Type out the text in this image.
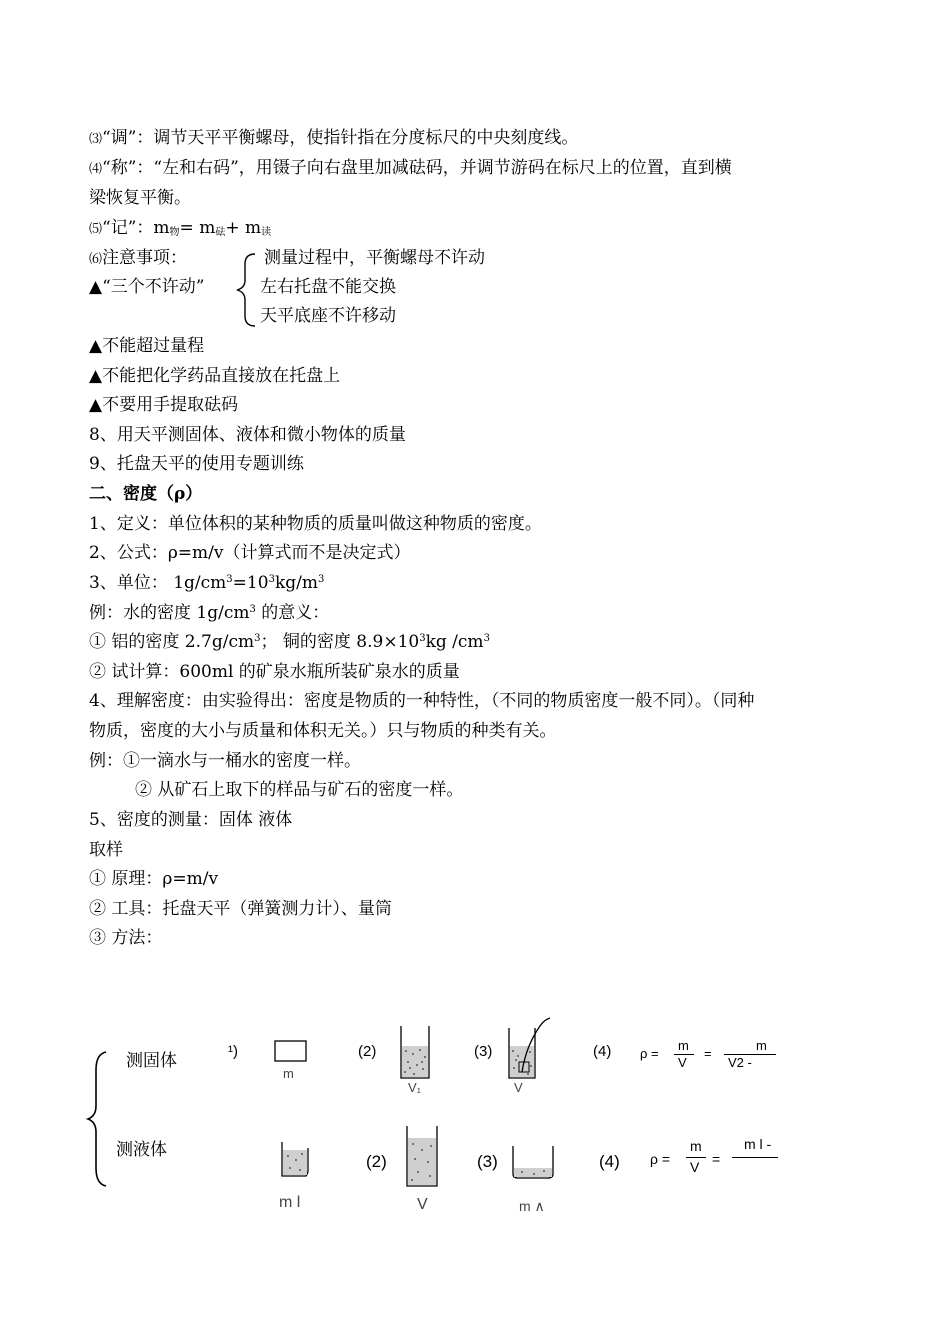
⑶“调”：调节天平平衡螺母，使指针指在分度标尺的中央刻度线。
⑷“称”：“左和右码”，用镊子向右盘里加减砝码，并调节游码在标尺上的位置，直到横
梁恢复平衡。
⑸“记”：$m_物= m_砝+ m_读$
⑹注意事项：
▲“三个不许动”
测量过程中，平衡螺母不许动
左右托盘不能交换
天平底座不许移动
▲不能超过量程
▲不能把化学药品直接放在托盘上
▲不要用手提取砝码
8、用天平测固体、液体和微小物体的质量
9、托盘天平的使用专题训练
二、密度（ρ）
1、定义：单位体积的某种物质的质量叫做这种物质的密度。
2、公式：ρ=m/v（计算式而不是决定式）
3、单位： $1g/cm^3=10^3kg/m^3$
例：水的密度 $1g/cm^3$ 的意义：
① 铝的密度 $2.7g/cm^3$； 铜的密度 $8.9\times 10^3kg$ $/cm^3$
② 试计算：600ml 的矿泉水瓶所装矿泉水的质量
4、理解密度：由实验得出：密度是物质的一种特性，（不同的物质密度一般不同）。（同种
物质，密度的大小与质量和体积无关。）只与物质的种类有关。
例：①一滴水与一桶水的密度一样。
② 从矿石上取下的样品与矿石的密度一样。
5、密度的测量：固体 液体
取样
① 原理：ρ=m/v
② 工具：托盘天平（弹簧测力计）、量筒
③ 方法：
测固体
测液体
¹)
m
(2)
V₁
(3)
V
(4) ρ =
m
V
=
m
V2 -
m l
(2)
V
(3)
m ∧
(4) ρ =
m
V =
m l -
